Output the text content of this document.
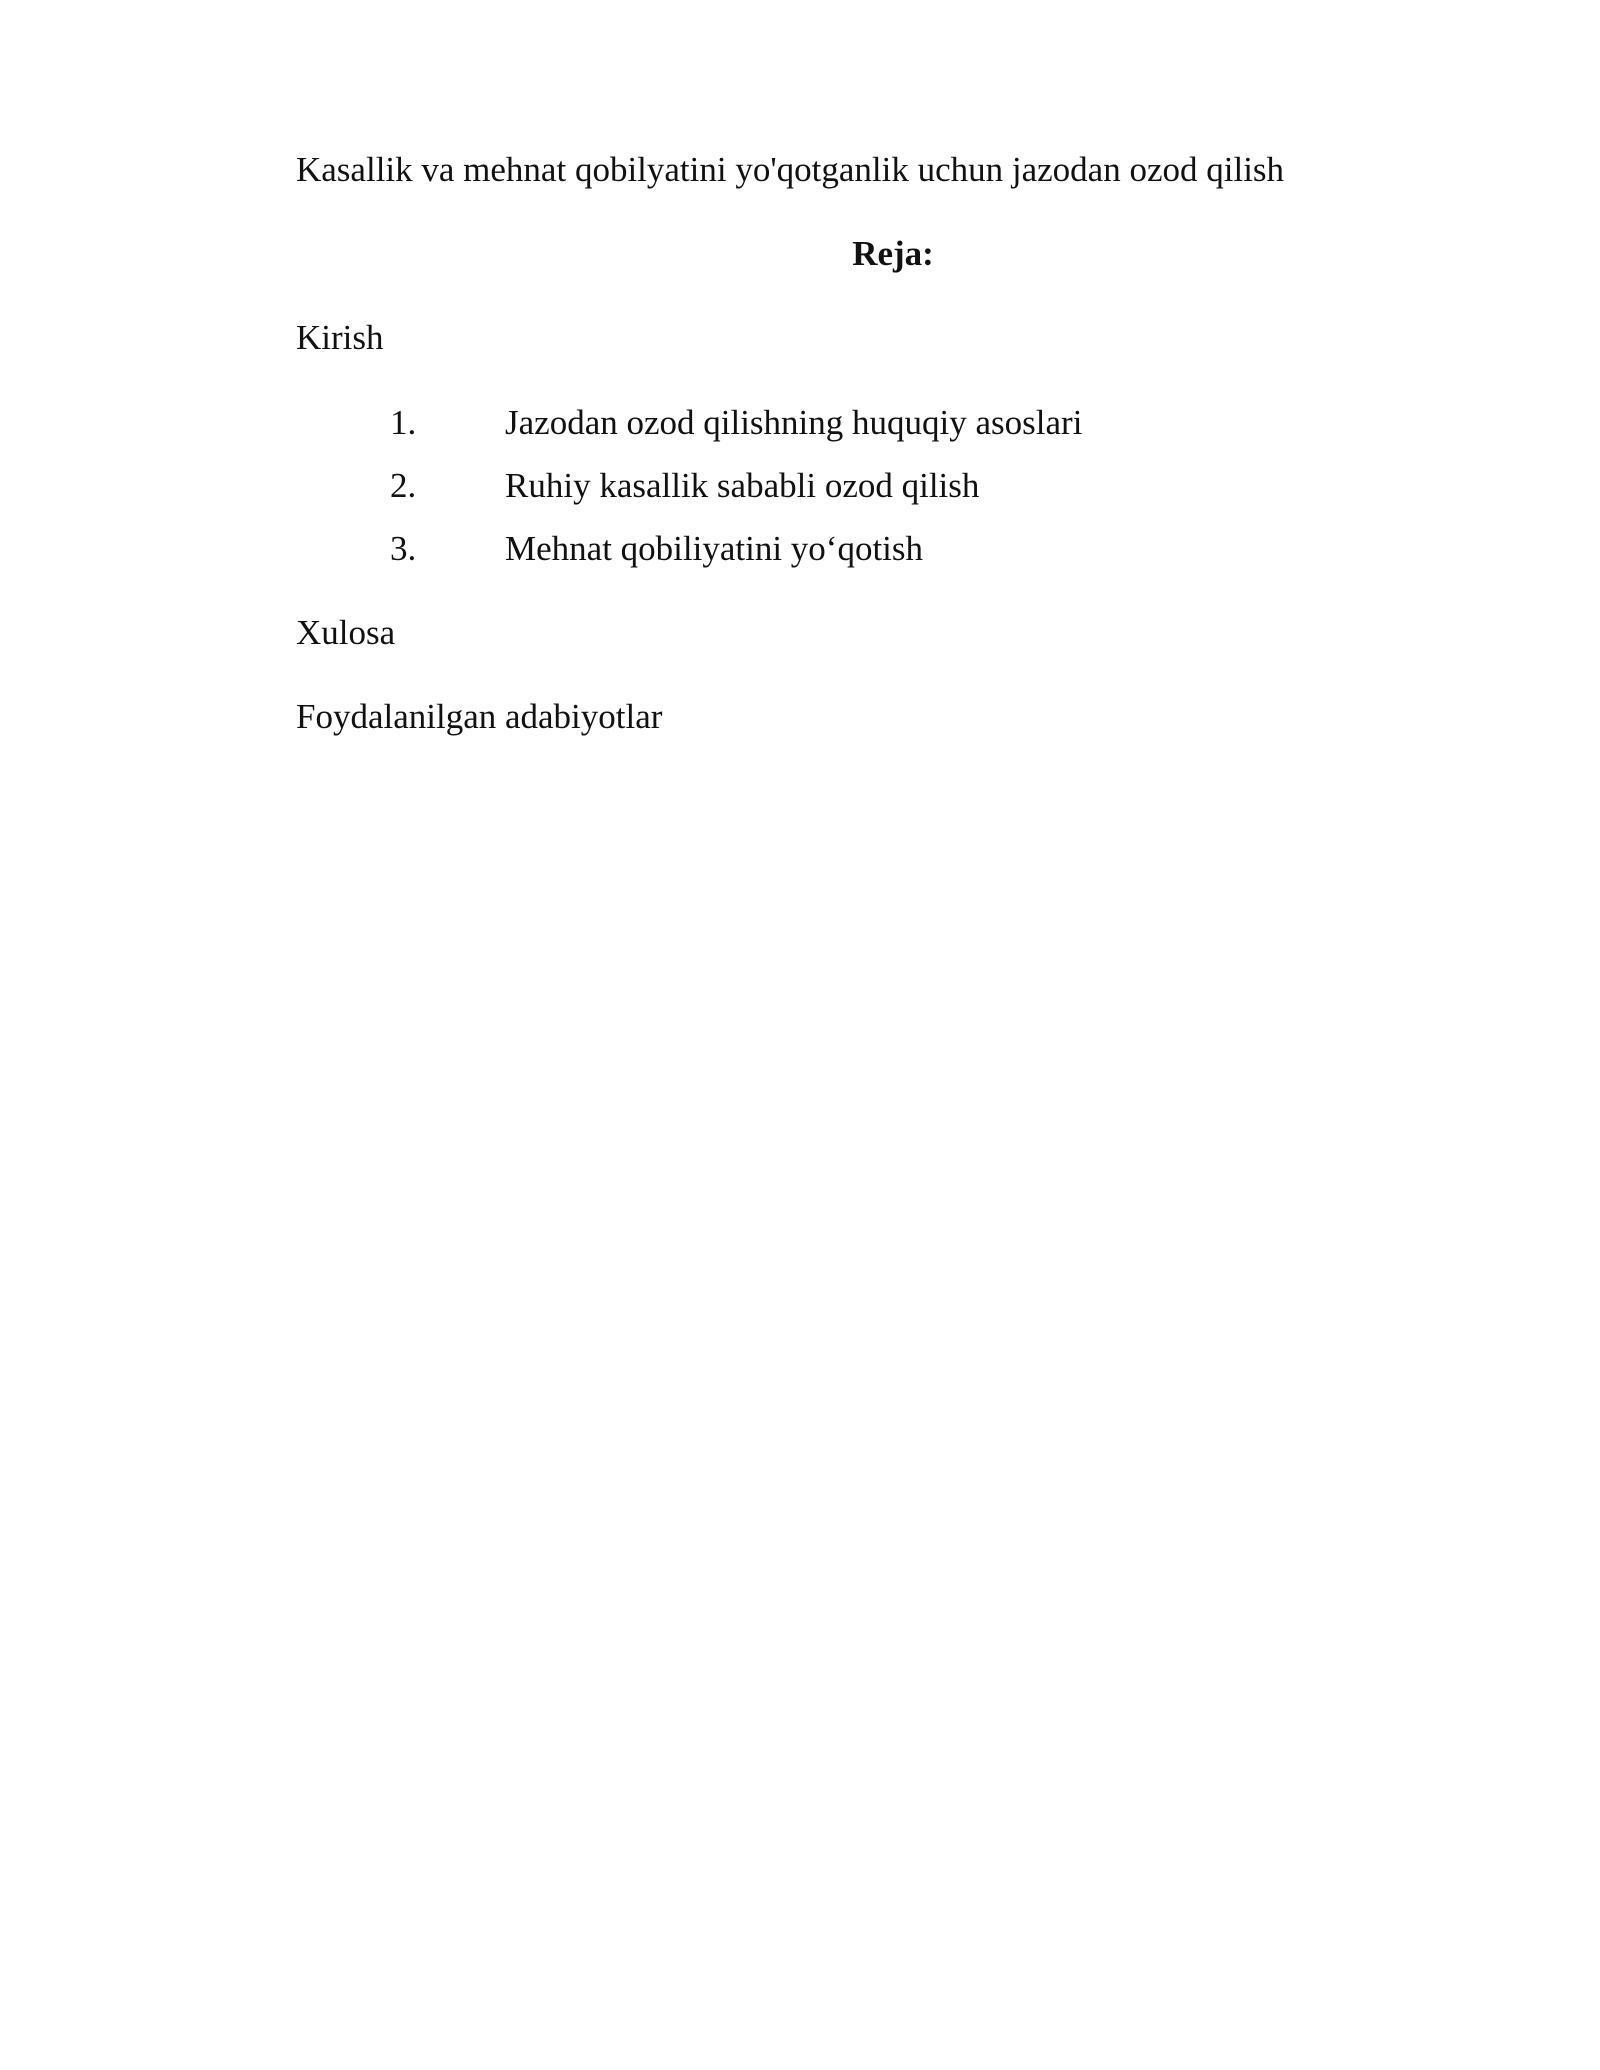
Kasallik va mehnat qobilyatini yo'qotganlik uchun jazodan ozod qilish
Reja:
Kirish
1.	Jazodan ozod qilishning huquqiy asoslari
2.	Ruhiy kasallik sababli ozod qilish
3.	Mehnat qobiliyatini yo‘qotish
Xulosa
Foydalanilgan adabiyotlar
